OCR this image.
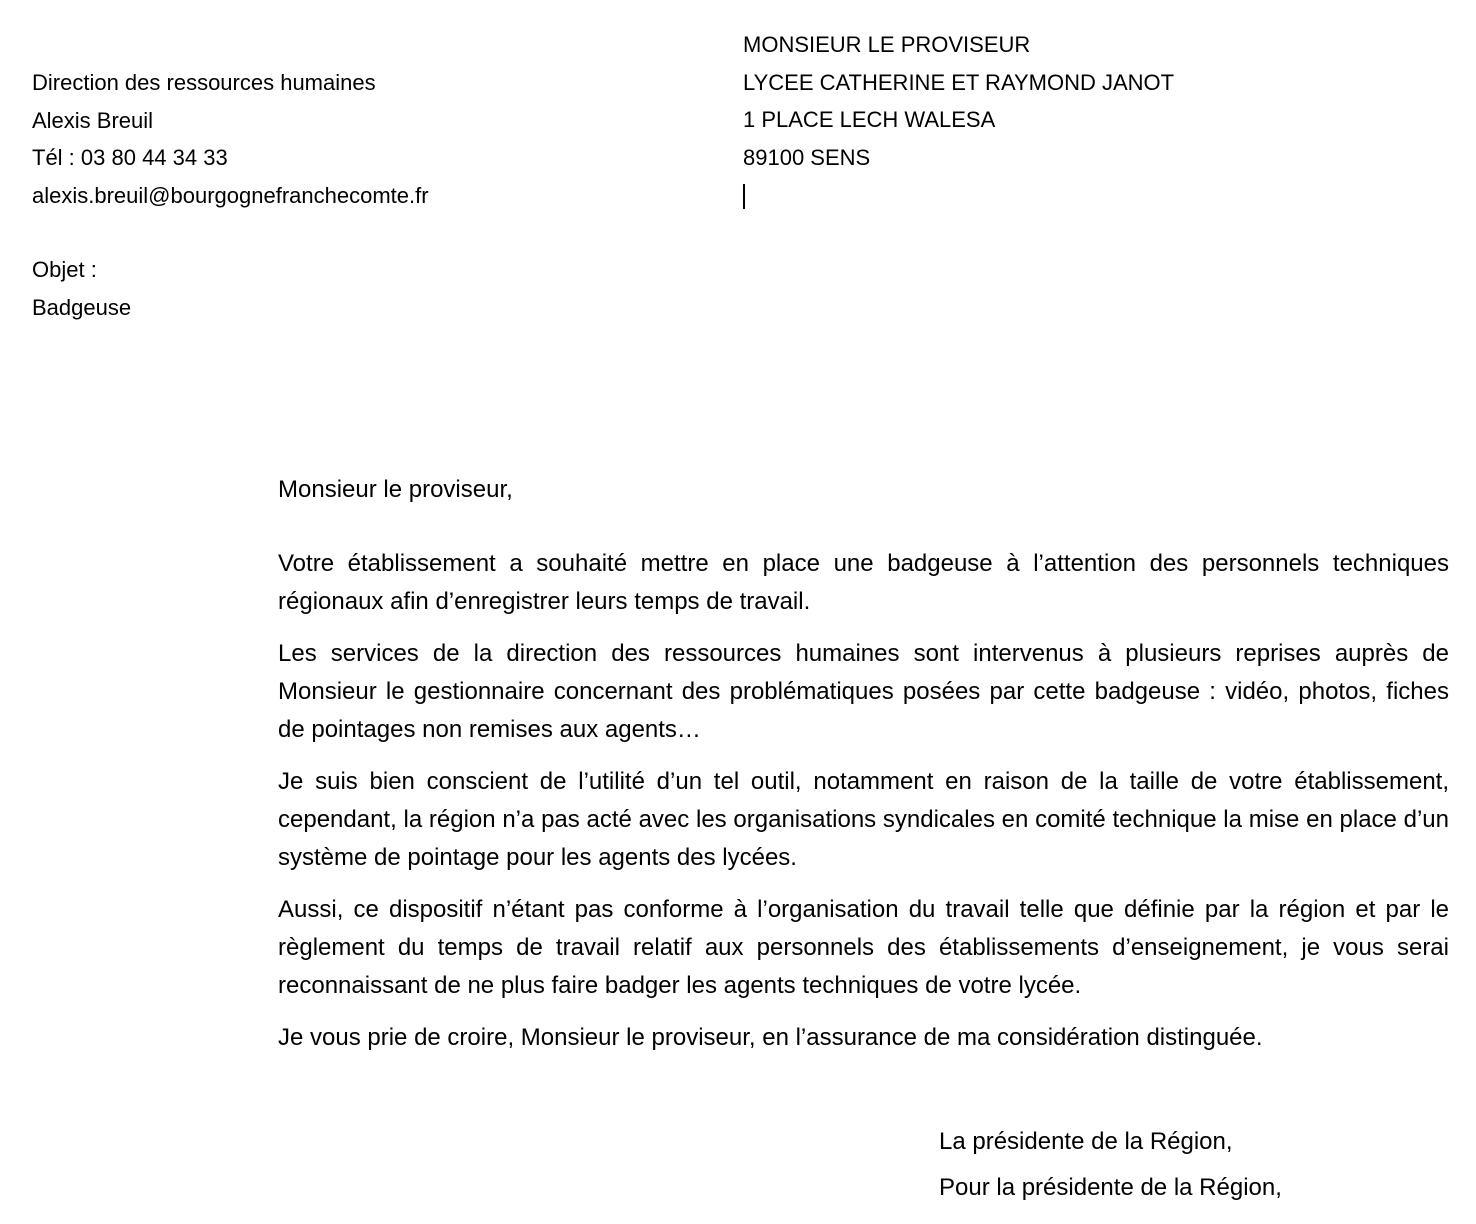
Direction des ressources humaines
Alexis Breuil
Tél : 03 80 44 34 33
alexis.breuil@bourgognefranchecomte.fr
MONSIEUR LE PROVISEUR
LYCEE CATHERINE ET RAYMOND JANOT
1 PLACE LECH WALESA
89100 SENS
Objet :
Badgeuse

Monsieur le proviseur,

Votre établissement a souhaité mettre en place une badgeuse à l’attention des personnels techniques régionaux afin d’enregistrer leurs temps de travail.

Les services de la direction des ressources humaines sont intervenus à plusieurs reprises auprès de Monsieur le gestionnaire concernant des problématiques posées par cette badgeuse : vidéo, photos, fiches de pointages non remises aux agents…

Je suis bien conscient de l’utilité d’un tel outil, notamment en raison de la taille de votre établissement, cependant, la région n’a pas acté avec les organisations syndicales en comité technique la mise en place d’un système de pointage pour les agents des lycées.

Aussi, ce dispositif n’étant pas conforme à l’organisation du travail telle que définie par la région et par le règlement du temps de travail relatif aux personnels des établissements d’enseignement, je vous serai reconnaissant de ne plus faire badger les agents techniques de votre lycée.

Je vous prie de croire, Monsieur le proviseur, en l’assurance de ma considération distinguée.

La présidente de la Région,
Pour la présidente de la Région,
